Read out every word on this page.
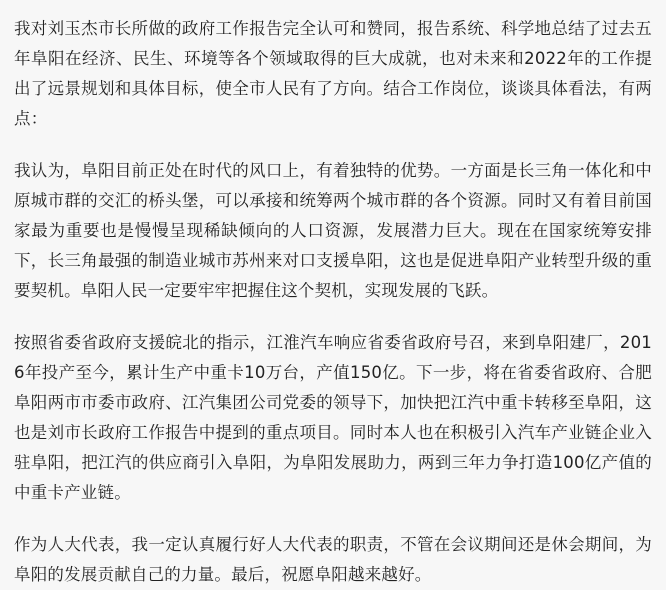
我对刘玉杰市长所做的政府工作报告完全认可和赞同，报告系统、科学地总结了过去五年阜阳在经济、民生、环境等各个领域取得的巨大成就，也对未来和2022年的工作提出了远景规划和具体目标，使全市人民有了方向。结合工作岗位，谈谈具体看法，有两点：

我认为，阜阳目前正处在时代的风口上，有着独特的优势。一方面是长三角一体化和中原城市群的交汇的桥头堡，可以承接和统筹两个城市群的各个资源。同时又有着目前国家最为重要也是慢慢呈现稀缺倾向的人口资源，发展潜力巨大。现在在国家统筹安排下，长三角最强的制造业城市苏州来对口支援阜阳，这也是促进阜阳产业转型升级的重要契机。阜阳人民一定要牢牢把握住这个契机，实现发展的飞跃。

按照省委省政府支援皖北的指示，江淮汽车响应省委省政府号召，来到阜阳建厂，2016年投产至今，累计生产中重卡10万台，产值150亿。下一步，将在省委省政府、合肥阜阳两市市委市政府、江汽集团公司党委的领导下，加快把江汽中重卡转移至阜阳，这也是刘市长政府工作报告中提到的重点项目。同时本人也在积极引入汽车产业链企业入驻阜阳，把江汽的供应商引入阜阳，为阜阳发展助力，两到三年力争打造100亿产值的中重卡产业链。

作为人大代表，我一定认真履行好人大代表的职责，不管在会议期间还是休会期间，为阜阳的发展贡献自己的力量。最后，祝愿阜阳越来越好。
